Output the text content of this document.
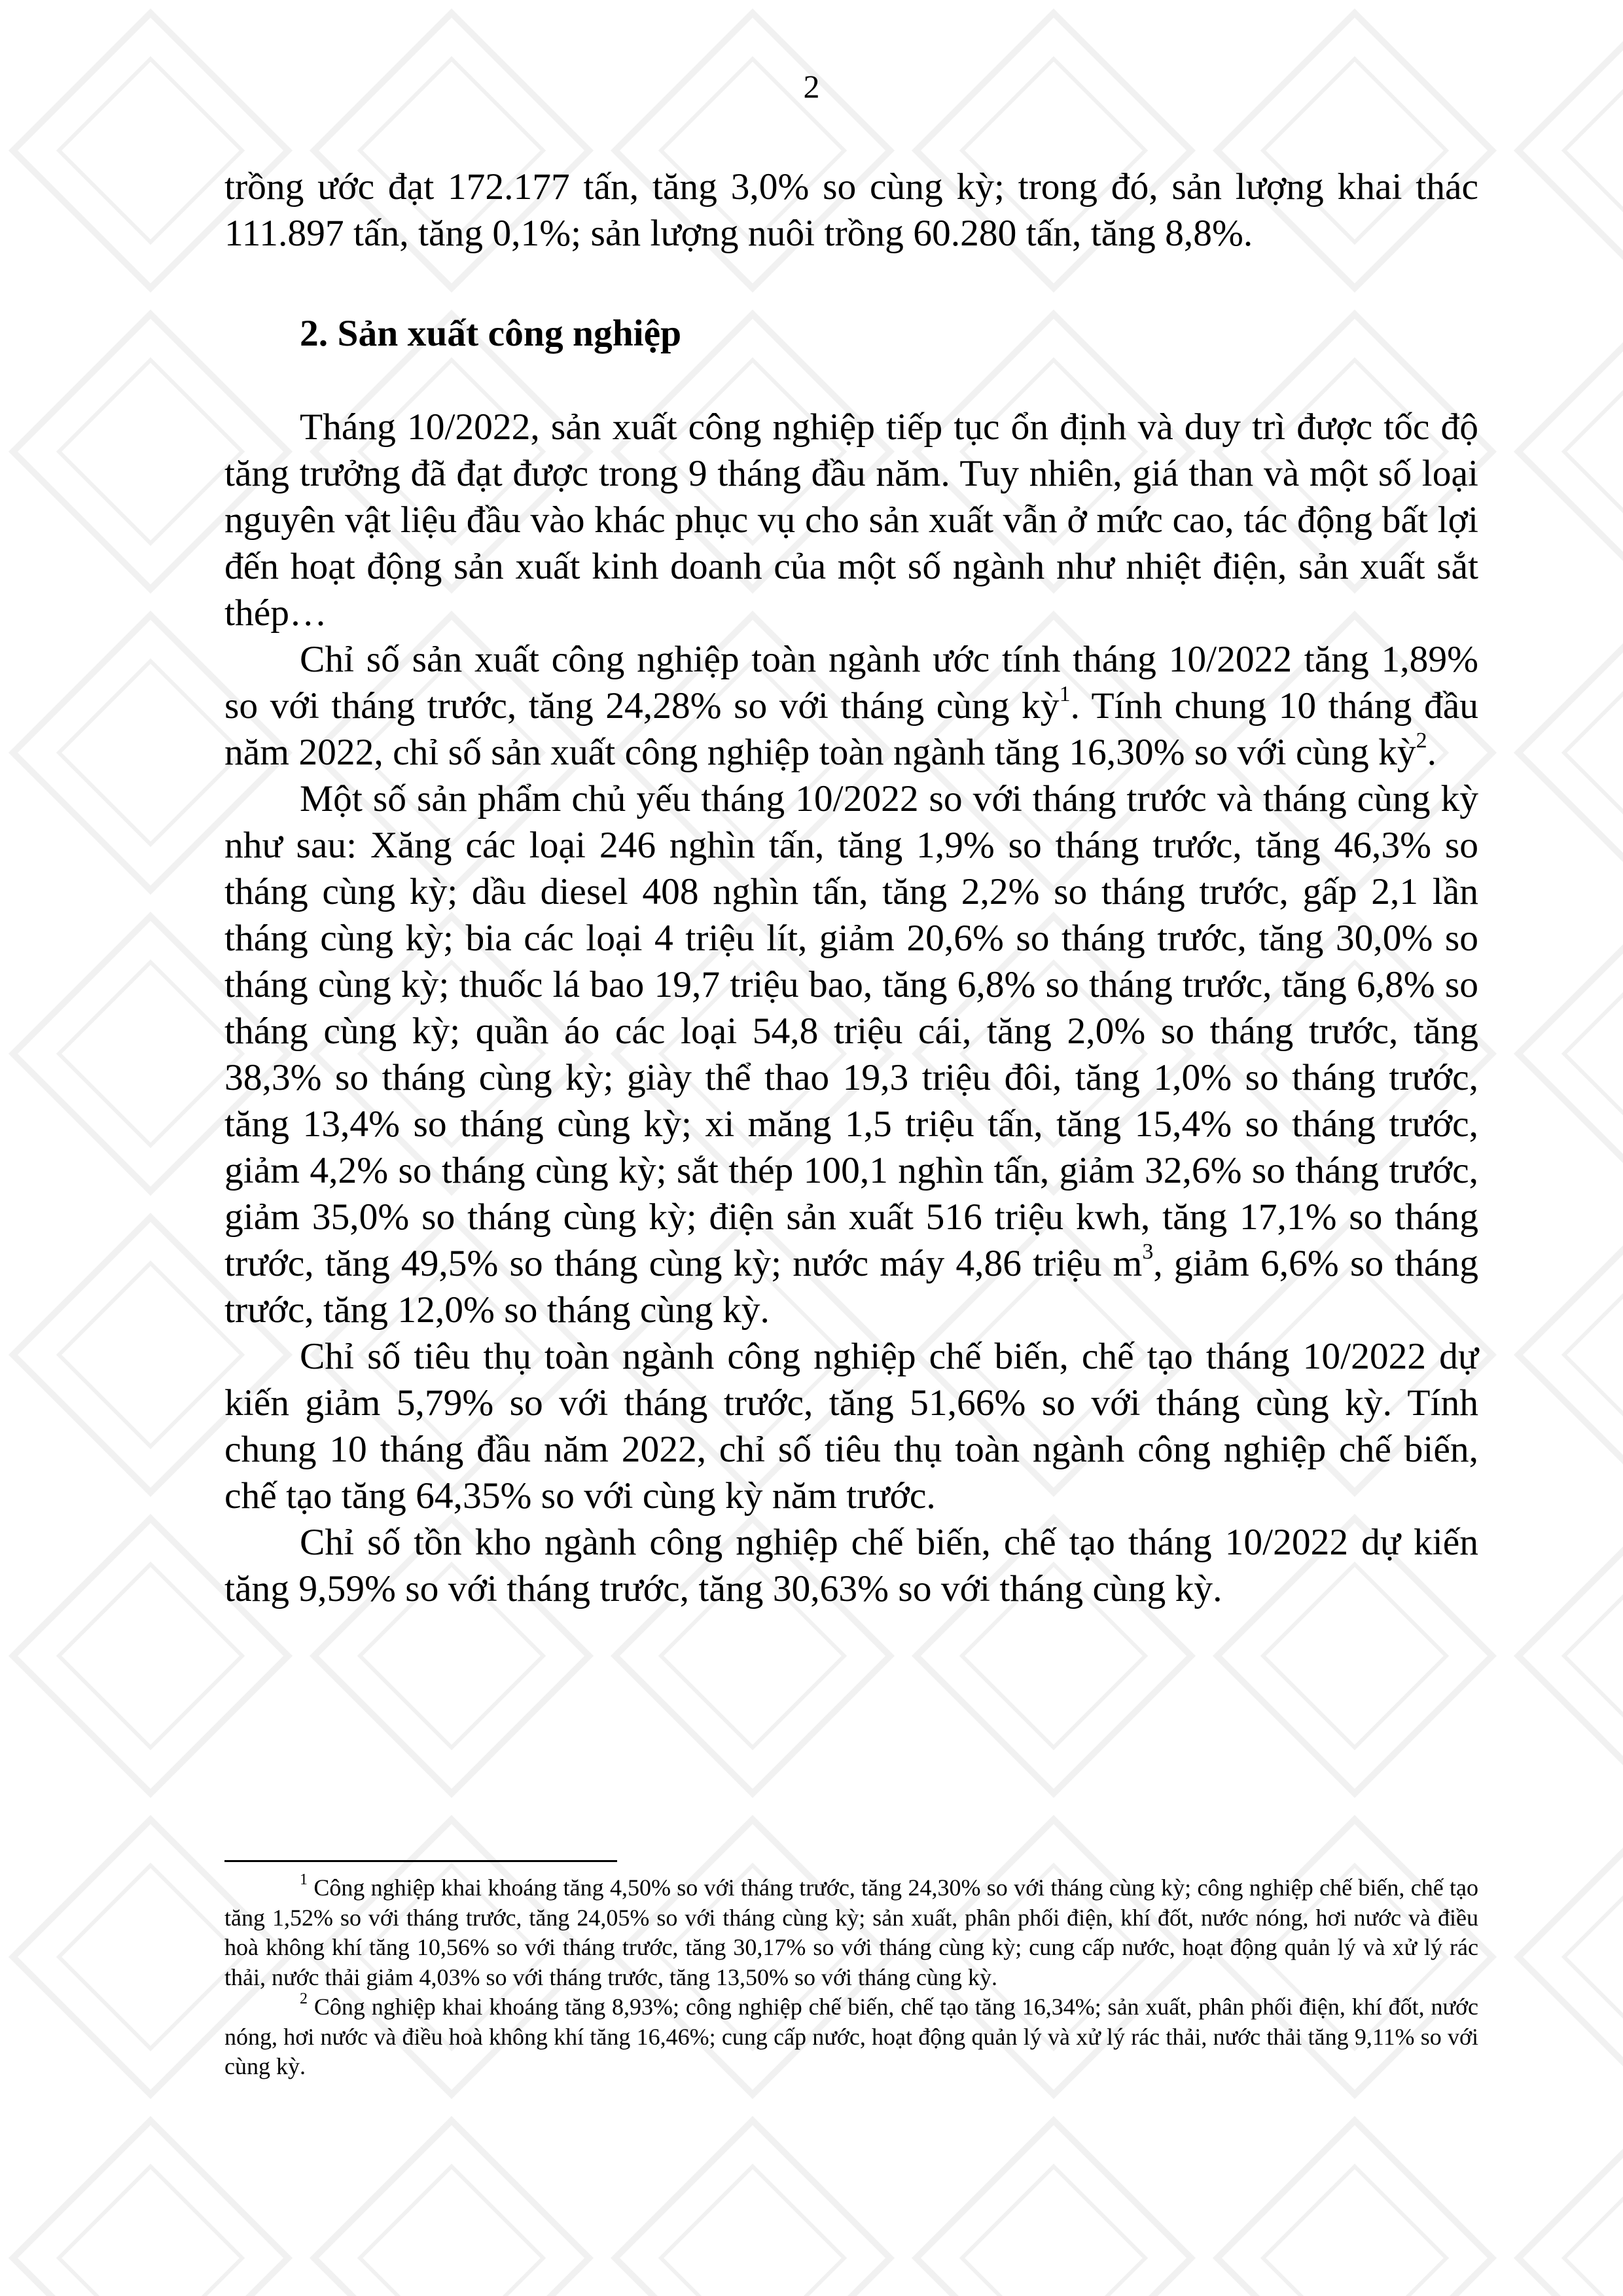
2

trồng ước đạt 172.177 tấn, tăng 3,0% so cùng kỳ; trong đó, sản lượng khai thác 111.897 tấn, tăng 0,1%; sản lượng nuôi trồng 60.280 tấn, tăng 8,8%.

2. Sản xuất công nghiệp

Tháng 10/2022, sản xuất công nghiệp tiếp tục ổn định và duy trì được tốc độ tăng trưởng đã đạt được trong 9 tháng đầu năm. Tuy nhiên, giá than và một số loại nguyên vật liệu đầu vào khác phục vụ cho sản xuất vẫn ở mức cao, tác động bất lợi đến hoạt động sản xuất kinh doanh của một số ngành như nhiệt điện, sản xuất sắt thép…

Chỉ số sản xuất công nghiệp toàn ngành ước tính tháng 10/2022 tăng 1,89% so với tháng trước, tăng 24,28% so với tháng cùng kỳ$^1$. Tính chung 10 tháng đầu năm 2022, chỉ số sản xuất công nghiệp toàn ngành tăng 16,30% so với cùng kỳ$^2$.

Một số sản phẩm chủ yếu tháng 10/2022 so với tháng trước và tháng cùng kỳ như sau: Xăng các loại 246 nghìn tấn, tăng 1,9% so tháng trước, tăng 46,3% so tháng cùng kỳ; dầu diesel 408 nghìn tấn, tăng 2,2% so tháng trước, gấp 2,1 lần tháng cùng kỳ; bia các loại 4 triệu lít, giảm 20,6% so tháng trước, tăng 30,0% so tháng cùng kỳ; thuốc lá bao 19,7 triệu bao, tăng 6,8% so tháng trước, tăng 6,8% so tháng cùng kỳ; quần áo các loại 54,8 triệu cái, tăng 2,0% so tháng trước, tăng 38,3% so tháng cùng kỳ; giày thể thao 19,3 triệu đôi, tăng 1,0% so tháng trước, tăng 13,4% so tháng cùng kỳ; xi măng 1,5 triệu tấn, tăng 15,4% so tháng trước, giảm 4,2% so tháng cùng kỳ; sắt thép 100,1 nghìn tấn, giảm 32,6% so tháng trước, giảm 35,0% so tháng cùng kỳ; điện sản xuất 516 triệu kwh, tăng 17,1% so tháng trước, tăng 49,5% so tháng cùng kỳ; nước máy 4,86 triệu $m^3$, giảm 6,6% so tháng trước, tăng 12,0% so tháng cùng kỳ.

Chỉ số tiêu thụ toàn ngành công nghiệp chế biến, chế tạo tháng 10/2022 dự kiến giảm 5,79% so với tháng trước, tăng 51,66% so với tháng cùng kỳ. Tính chung 10 tháng đầu năm 2022, chỉ số tiêu thụ toàn ngành công nghiệp chế biến, chế tạo tăng 64,35% so với cùng kỳ năm trước.

Chỉ số tồn kho ngành công nghiệp chế biến, chế tạo tháng 10/2022 dự kiến tăng 9,59% so với tháng trước, tăng 30,63% so với tháng cùng kỳ.

$^1$ Công nghiệp khai khoáng tăng 4,50% so với tháng trước, tăng 24,30% so với tháng cùng kỳ; công nghiệp chế biến, chế tạo tăng 1,52% so với tháng trước, tăng 24,05% so với tháng cùng kỳ; sản xuất, phân phối điện, khí đốt, nước nóng, hơi nước và điều hoà không khí tăng 10,56% so với tháng trước, tăng 30,17% so với tháng cùng kỳ; cung cấp nước, hoạt động quản lý và xử lý rác thải, nước thải giảm 4,03% so với tháng trước, tăng 13,50% so với tháng cùng kỳ.

$^2$ Công nghiệp khai khoáng tăng 8,93%; công nghiệp chế biến, chế tạo tăng 16,34%; sản xuất, phân phối điện, khí đốt, nước nóng, hơi nước và điều hoà không khí tăng 16,46%; cung cấp nước, hoạt động quản lý và xử lý rác thải, nước thải tăng 9,11% so với cùng kỳ.
